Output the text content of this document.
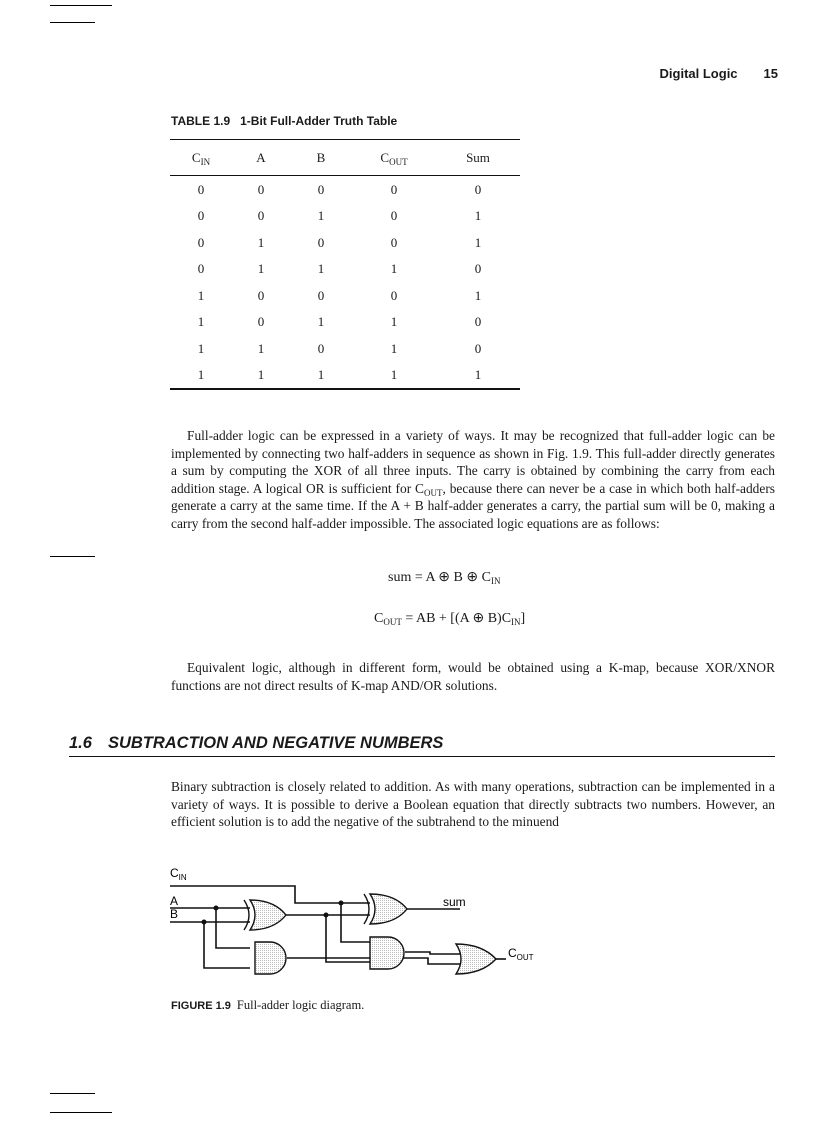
Digital Logic 15
TABLE 1.9 1-Bit Full-Adder Truth Table
$C_{IN}$	A	B	$C_{OUT}$	Sum
0	0	0	0	0
0	0	1	0	1
0	1	0	0	1
0	1	1	1	0
1	0	0	0	1
1	0	1	1	0
1	1	0	1	0
1	1	1	1	1
Full-adder logic can be expressed in a variety of ways. It may be recognized that full-adder logic can be implemented by connecting two half-adders in sequence as shown in Fig. 1.9. This full-adder directly generates a sum by computing the XOR of all three inputs. The carry is obtained by combining the carry from each addition stage. A logical OR is sufficient for $C_{OUT}$, because there can never be a case in which both half-adders generate a carry at the same time. If the A + B half-adder generates a carry, the partial sum will be 0, making a carry from the second half-adder impossible. The associated logic equations are as follows:
sum = A ⊕ B ⊕ $C_{IN}$
$C_{OUT}$ = AB + [(A ⊕ $B)C_{IN}$]
Equivalent logic, although in different form, would be obtained using a K-map, because XOR/XNOR functions are not direct results of K-map AND/OR solutions.
1.6 SUBTRACTION AND NEGATIVE NUMBERS
Binary subtraction is closely related to addition. As with many operations, subtraction can be implemented in a variety of ways. It is possible to derive a Boolean equation that directly subtracts two numbers. However, an efficient solution is to add the negative of the subtrahend to the minuend
$C_{IN}$
A
B
sum
$C_{OUT}$
FIGURE 1.9 Full-adder logic diagram.
